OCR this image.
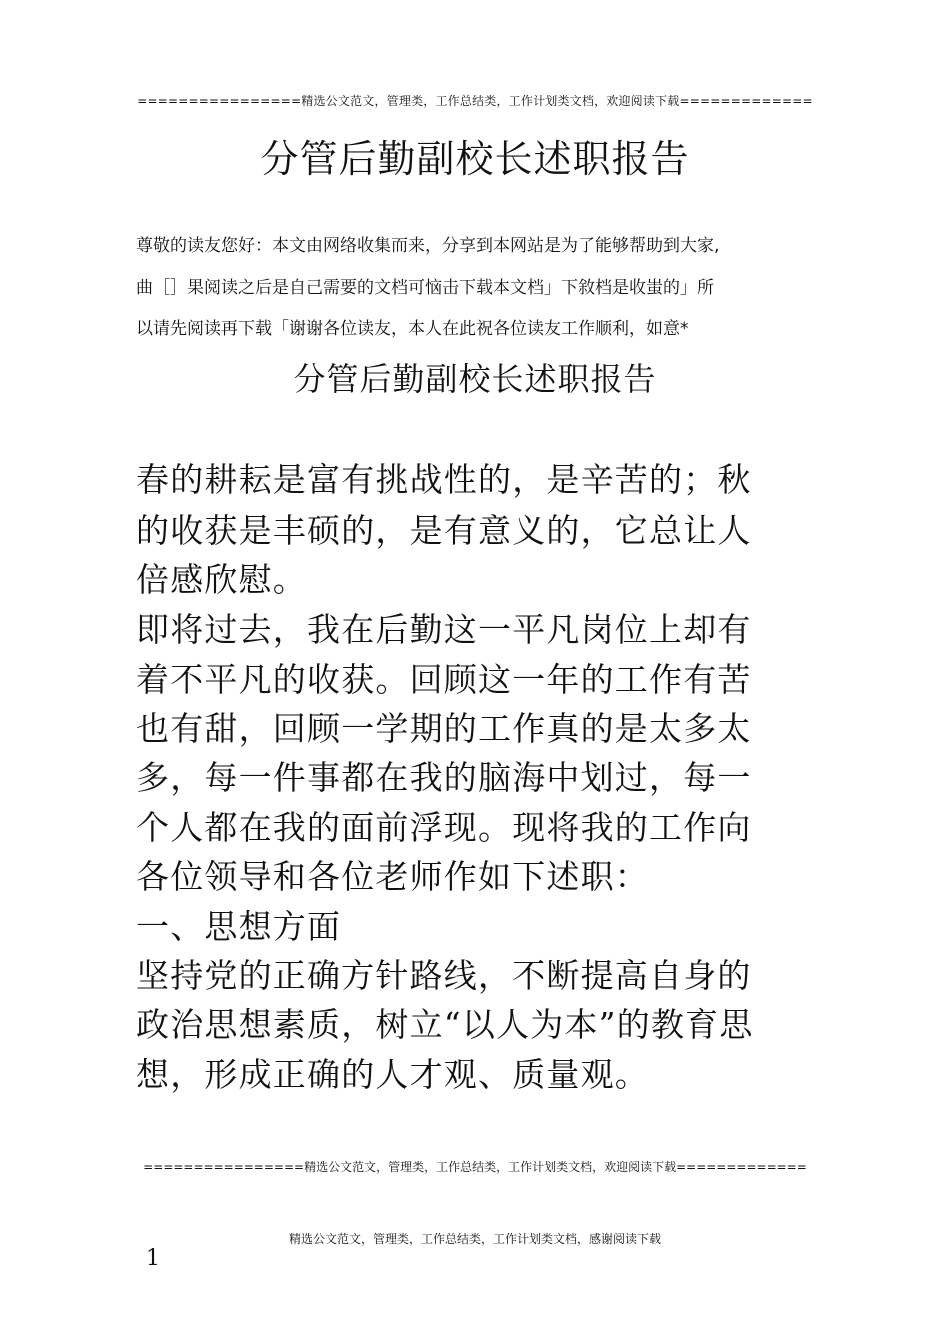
================精选公文范文，管理类，工作总结类，工作计划类文档，欢迎阅读下载=============
分管后勤副校长述职报告
尊敬的读友您好：本文由网络收集而来，分享到本网站是为了能够帮助到大家,
曲［］果阅读之后是自己需要的文档可恼击下载本文档」下敘档是收蚩的」所
以请先阅读再下载「谢谢各位读友，本人在此祝各位读友工作顺利，如意*
分管后勤副校长述职报告
春的耕耘是富有挑战性的，是辛苦的；秋
的收获是丰硕的，是有意义的，它总让人
倍感欣慰。
即将过去，我在后勤这一平凡岗位上却有
着不平凡的收获。回顾这一年的工作有苦
也有甜，回顾一学期的工作真的是太多太
多，每一件事都在我的脑海中划过，每一
个人都在我的面前浮现。现将我的工作向
各位领导和各位老师作如下述职：
一、思想方面
坚持党的正确方针路线，不断提高自身的
政治思想素质，树立“以人为本”的教育思
想，形成正确的人才观、质量观。
================精选公文范文，管理类，工作总结类，工作计划类文档，欢迎阅读下载=============
精选公文范文，管理类，工作总结类，工作计划类文档，感谢阅读下载
1
